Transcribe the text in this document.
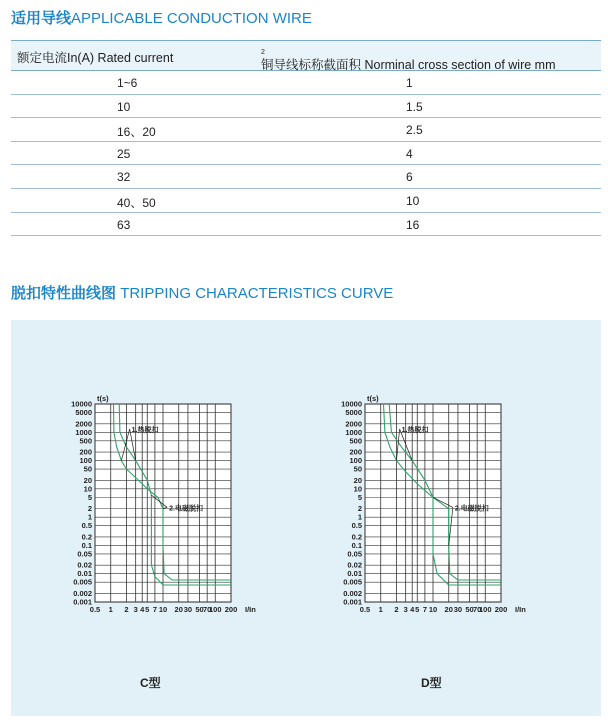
适用导线APPLICABLE CONDUCTION WIRE
额定电流In(A) Rated current	铜导线标称截面积 Norminal cross section of wire mm
$^2$
1~6	1
10	1.5
16、20	2.5
25	4
32	6
40、50	10
63	16
脱扣特性曲线图 TRIPPING CHARACTERISTICS CURVE
10000
5000
2000
1000
500
200
100
50
20
10
5
2
1
0.5
0.2
0.1
0.05
0.02
0.01
0.005
0.002
0.001
0.5 1 2 3 4 5 7 10 20 30 50 70
100 200
t(s)
I/In
1.热脱扣
2.电磁脱扣
10000
5000
2000
1000
500
200
100
50
20
10
5
2
1
0.5
0.2
0.1
0.05
0.02
0.01
0.005
0.002
0.001
0.5 1 2 3 4 5 7 10 20 30 50 70
100 200
t(s)
I/In
1.热脱扣
2.电磁脱扣
C型	D型
